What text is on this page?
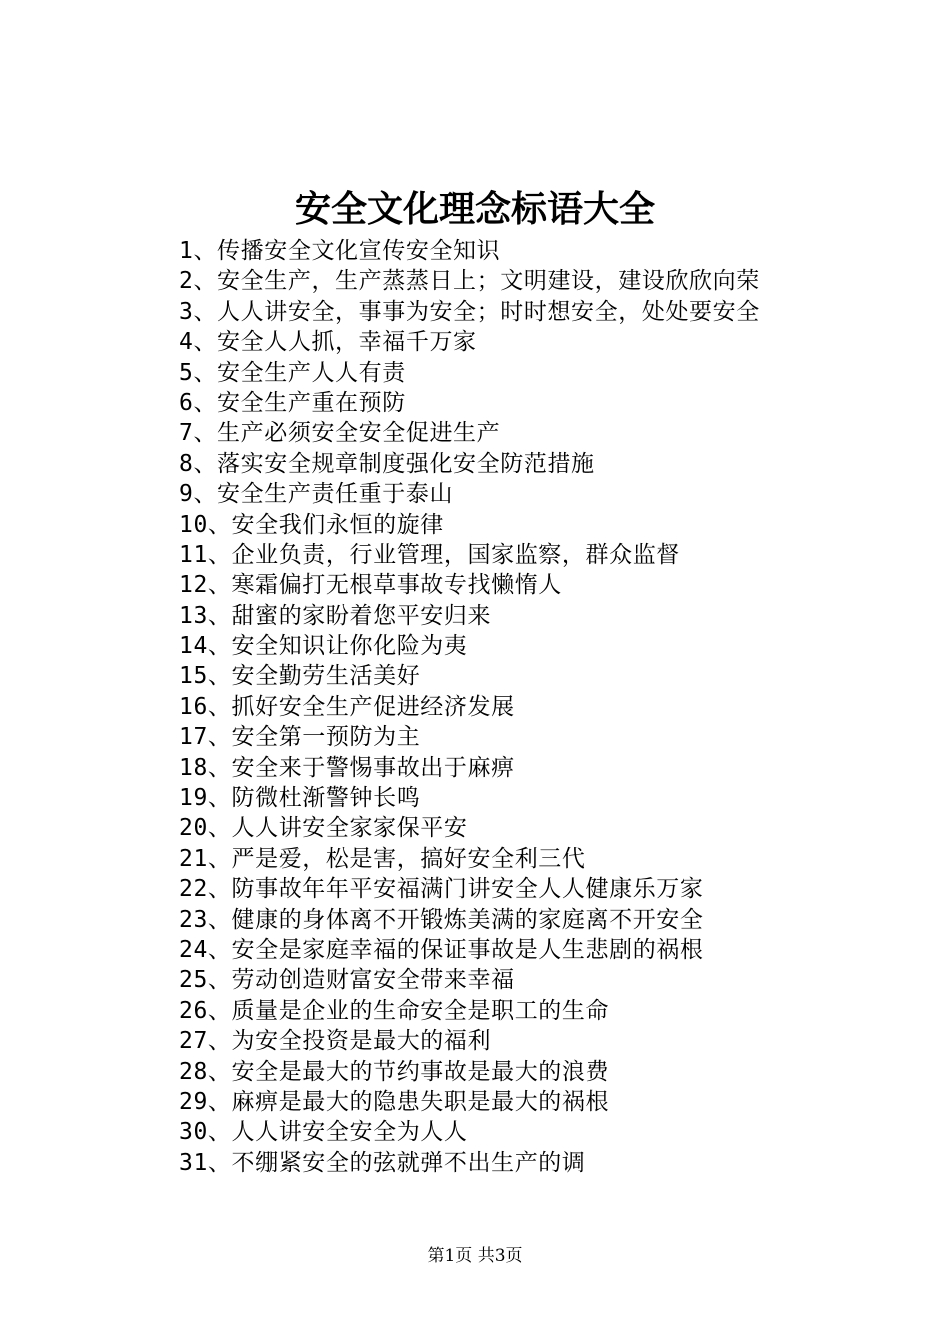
安全文化理念标语大全
1、传播安全文化宣传安全知识
2、安全生产，生产蒸蒸日上；文明建设，建设欣欣向荣
3、人人讲安全，事事为安全；时时想安全，处处要安全
4、安全人人抓，幸福千万家
5、安全生产人人有责
6、安全生产重在预防
7、生产必须安全安全促进生产
8、落实安全规章制度强化安全防范措施
9、安全生产责任重于泰山
10、安全我们永恒的旋律
11、企业负责，行业管理，国家监察，群众监督
12、寒霜偏打无根草事故专找懒惰人
13、甜蜜的家盼着您平安归来
14、安全知识让你化险为夷
15、安全勤劳生活美好
16、抓好安全生产促进经济发展
17、安全第一预防为主
18、安全来于警惕事故出于麻痹
19、防微杜渐警钟长鸣
20、人人讲安全家家保平安
21、严是爱，松是害，搞好安全利三代
22、防事故年年平安福满门讲安全人人健康乐万家
23、健康的身体离不开锻炼美满的家庭离不开安全
24、安全是家庭幸福的保证事故是人生悲剧的祸根
25、劳动创造财富安全带来幸福
26、质量是企业的生命安全是职工的生命
27、为安全投资是最大的福利
28、安全是最大的节约事故是最大的浪费
29、麻痹是最大的隐患失职是最大的祸根
30、人人讲安全安全为人人
31、不绷紧安全的弦就弹不出生产的调
第1页 共3页
